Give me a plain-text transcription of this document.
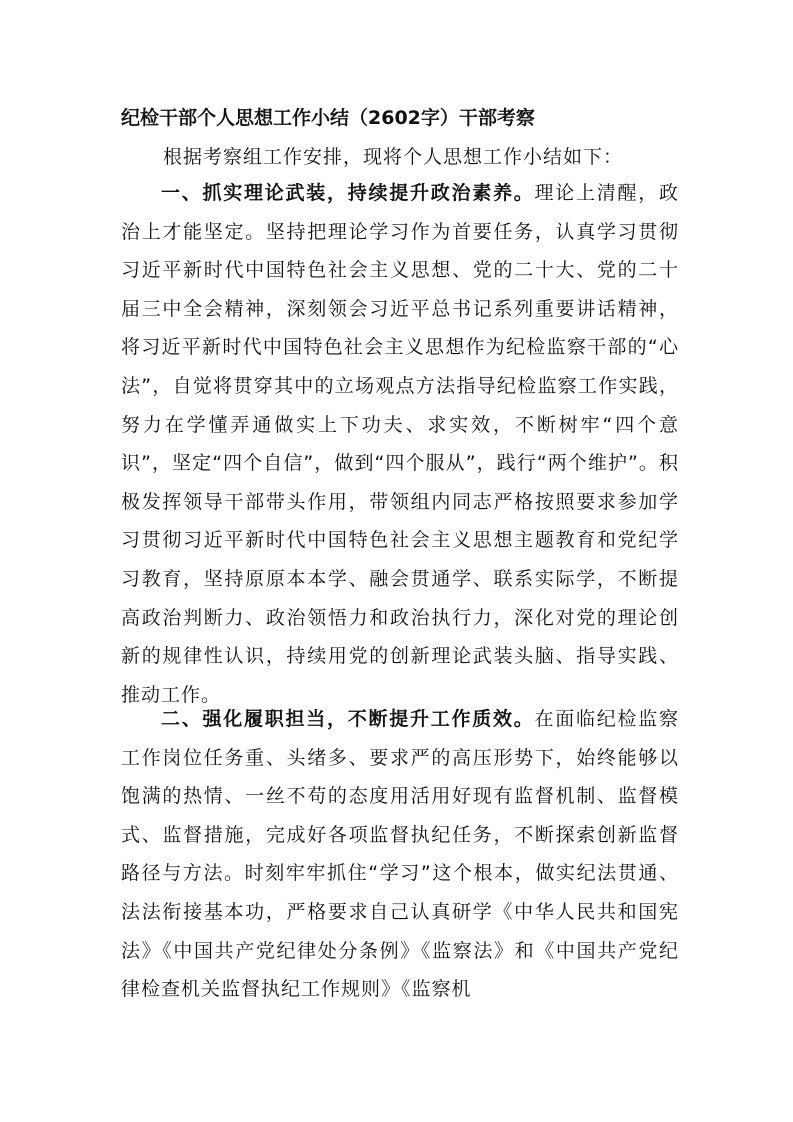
纪检干部个人思想工作小结（2602字）干部考察
根据考察组工作安排，现将个人思想工作小结如下：

一、抓实理论武装，持续提升政治素养。理论上清醒，政治上才能坚定。坚持把理论学习作为首要任务，认真学习贯彻习近平新时代中国特色社会主义思想、党的二十大、党的二十届三中全会精神，深刻领会习近平总书记系列重要讲话精神，将习近平新时代中国特色社会主义思想作为纪检监察干部的“心法”，自觉将贯穿其中的立场观点方法指导纪检监察工作实践，努力在学懂弄通做实上下功夫、求实效，不断树牢“四个意识”，坚定“四个自信”，做到“四个服从”，践行“两个维护”。积极发挥领导干部带头作用，带领组内同志严格按照要求参加学习贯彻习近平新时代中国特色社会主义思想主题教育和党纪学习教育，坚持原原本本学、融会贯通学、联系实际学，不断提高政治判断力、政治领悟力和政治执行力，深化对党的理论创新的规律性认识，持续用党的创新理论武装头脑、指导实践、推动工作。

二、强化履职担当，不断提升工作质效。在面临纪检监察工作岗位任务重、头绪多、要求严的高压形势下，始终能够以饱满的热情、一丝不苟的态度用活用好现有监督机制、监督模式、监督措施，完成好各项监督执纪任务，不断探索创新监督路径与方法。时刻牢牢抓住“学习”这个根本，做实纪法贯通、法法衔接基本功，严格要求自己认真研学《中华人民共和国宪法》《中国共产党纪律处分条例》《监察法》和《中国共产党纪律检查机关监督执纪工作规则》《监察机
